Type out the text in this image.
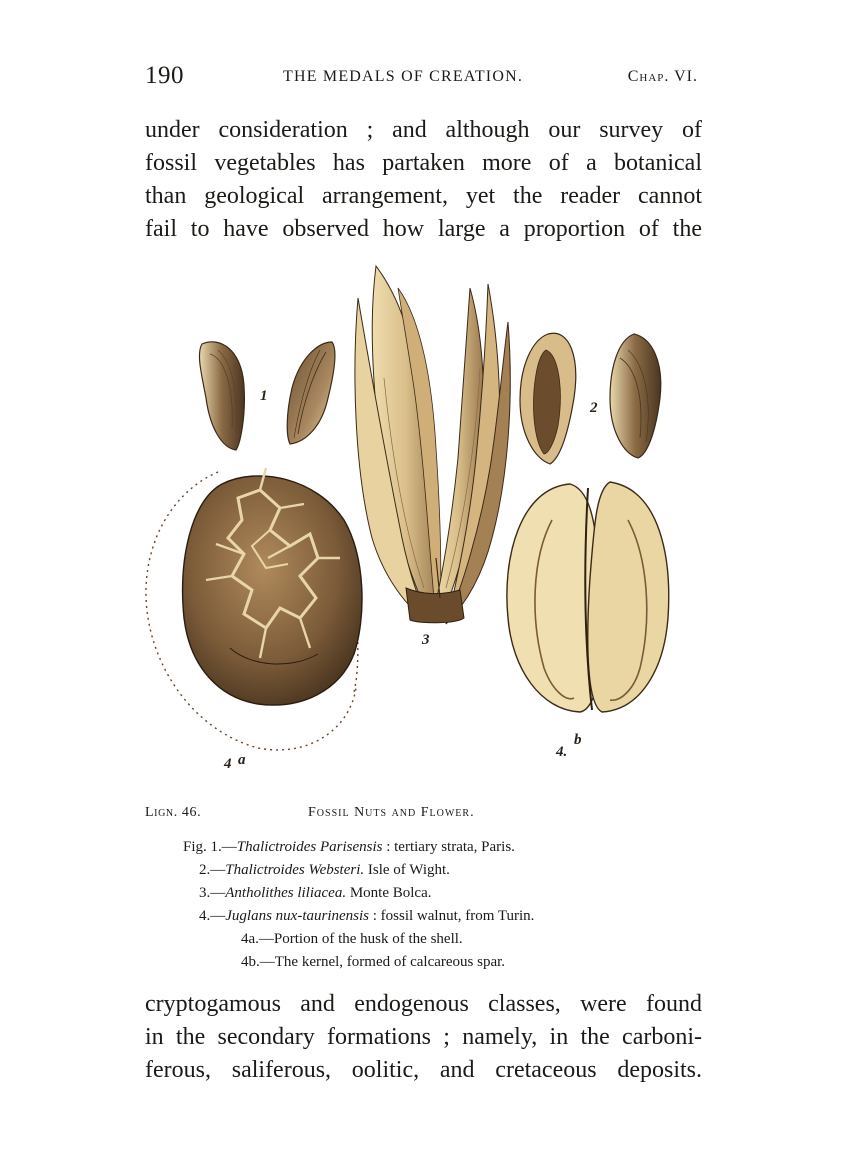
190	THE MEDALS OF CREATION.	Chap. VI.

under consideration ; and although our survey of
fossil vegetables has partaken more of a botanical
than geological arrangement, yet the reader cannot
fail to have observed how large a proportion of the

1
2
3
4 a	4.
b
Lign. 46.	Fossil Nuts and Flower.
Fig. 1.—Thalictroides Parisensis : tertiary strata, Paris.
2.—Thalictroides Websteri. Isle of Wight.
3.—Antholithes liliacea. Monte Bolca.
4.—Juglans nux-taurinensis : fossil walnut, from Turin.
4a.—Portion of the husk of the shell.
4b.—The kernel, formed of calcareous spar.

cryptogamous and endogenous classes, were found
in the secondary formations ; namely, in the carboni-
ferous, saliferous, oolitic, and cretaceous deposits.
